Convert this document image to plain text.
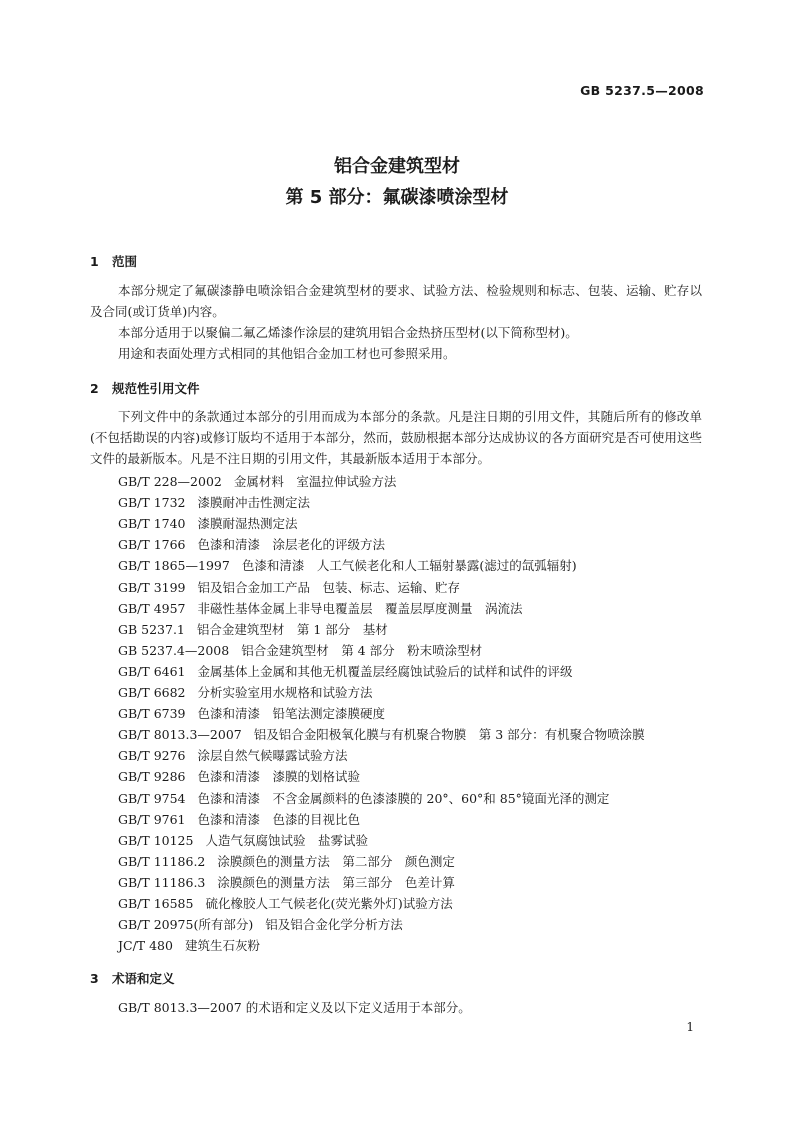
GB 5237.5—2008
铝合金建筑型材
第 5 部分：氟碳漆喷涂型材
1 范围

本部分规定了氟碳漆静电喷涂铝合金建筑型材的要求、试验方法、检验规则和标志、包装、运输、贮存以及合同(或订货单)内容。

本部分适用于以聚偏二氟乙烯漆作涂层的建筑用铝合金热挤压型材(以下简称型材)。

用途和表面处理方式相同的其他铝合金加工材也可参照采用。

2 规范性引用文件

下列文件中的条款通过本部分的引用而成为本部分的条款。凡是注日期的引用文件，其随后所有的修改单(不包括勘误的内容)或修订版均不适用于本部分，然而，鼓励根据本部分达成协议的各方面研究是否可使用这些文件的最新版本。凡是不注日期的引用文件，其最新版本适用于本部分。

GB/T 228—2002 金属材料　室温拉伸试验方法
GB/T 1732 漆膜耐冲击性测定法
GB/T 1740 漆膜耐湿热测定法
GB/T 1766 色漆和清漆　涂层老化的评级方法
GB/T 1865—1997 色漆和清漆　人工气候老化和人工辐射暴露(滤过的氙弧辐射)
GB/T 3199 铝及铝合金加工产品　包装、标志、运输、贮存
GB/T 4957 非磁性基体金属上非导电覆盖层　覆盖层厚度测量　涡流法
GB 5237.1 铝合金建筑型材　第 1 部分　基材
GB 5237.4—2008 铝合金建筑型材　第 4 部分　粉末喷涂型材
GB/T 6461 金属基体上金属和其他无机覆盖层经腐蚀试验后的试样和试件的评级
GB/T 6682 分析实验室用水规格和试验方法
GB/T 6739 色漆和清漆　铅笔法测定漆膜硬度
GB/T 8013.3—2007 铝及铝合金阳极氧化膜与有机聚合物膜　第 3 部分：有机聚合物喷涂膜
GB/T 9276 涂层自然气候曝露试验方法
GB/T 9286 色漆和清漆　漆膜的划格试验
GB/T 9754 色漆和清漆　不含金属颜料的色漆漆膜的 20°、60°和 85°镜面光泽的测定
GB/T 9761 色漆和清漆　色漆的目视比色
GB/T 10125 人造气氛腐蚀试验　盐雾试验
GB/T 11186.2 涂膜颜色的测量方法　第二部分　颜色测定
GB/T 11186.3 涂膜颜色的测量方法　第三部分　色差计算
GB/T 16585 硫化橡胶人工气候老化(荧光紫外灯)试验方法
GB/T 20975(所有部分) 铝及铝合金化学分析方法
JC/T 480 建筑生石灰粉
3 术语和定义

GB/T 8013.3—2007 的术语和定义及以下定义适用于本部分。

1
